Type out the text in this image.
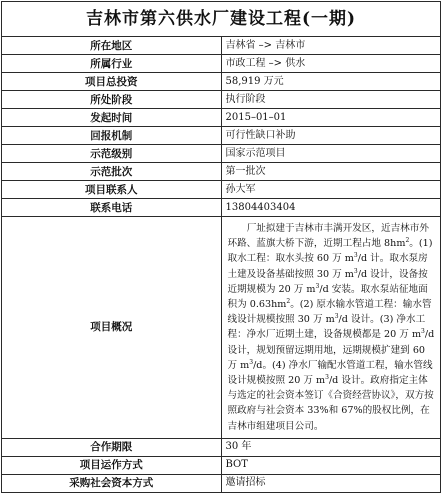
吉林市第六供水厂建设工程(一期)	
所在地区	吉林省 –> 吉林市
所属行业	市政工程 –> 供水
项目总投资	58,919 万元
所处阶段	执行阶段
发起时间	2015–01–01
回报机制	可行性缺口补助
示范级别	国家示范项目
示范批次	第一批次
项目联系人	孙大军
联系电话	13804403404
项目概况	厂址拟建于吉林市丰满开发区，近吉林市外环路、蓝旗大桥下游，近期工程占地 $8hm^2$。(1) 取水工程：取水头按 60 万 $m^3/d$ 计。取水泵房土建及设备基础按照 30 万 $m^3/d$ 设计，设备按近期规模为 20 万 $m^3/d$ 安装。取水泵站征地面积为 $0.63hm^2$。(2) 原水输水管道工程：输水管线设计规模按照 30 万 $m^3/d$ 设计。(3) 净水工程：净水厂近期土建，设备规模都是 20 万 $m^3/d$ 设计，规划预留远期用地，远期规模扩建到 60 万 $m^3/d$。(4) 净水厂输配水管道工程，输水管线设计规模按照 20 万 $m^3/d$ 设计。政府指定主体与选定的社会资本签订《合资经营协议》，双方按照政府与社会资本 33%和 67%的股权比例，在吉林市组建项目公司。
合作期限	30 年
项目运作方式	BOT
采购社会资本方式	邀请招标
